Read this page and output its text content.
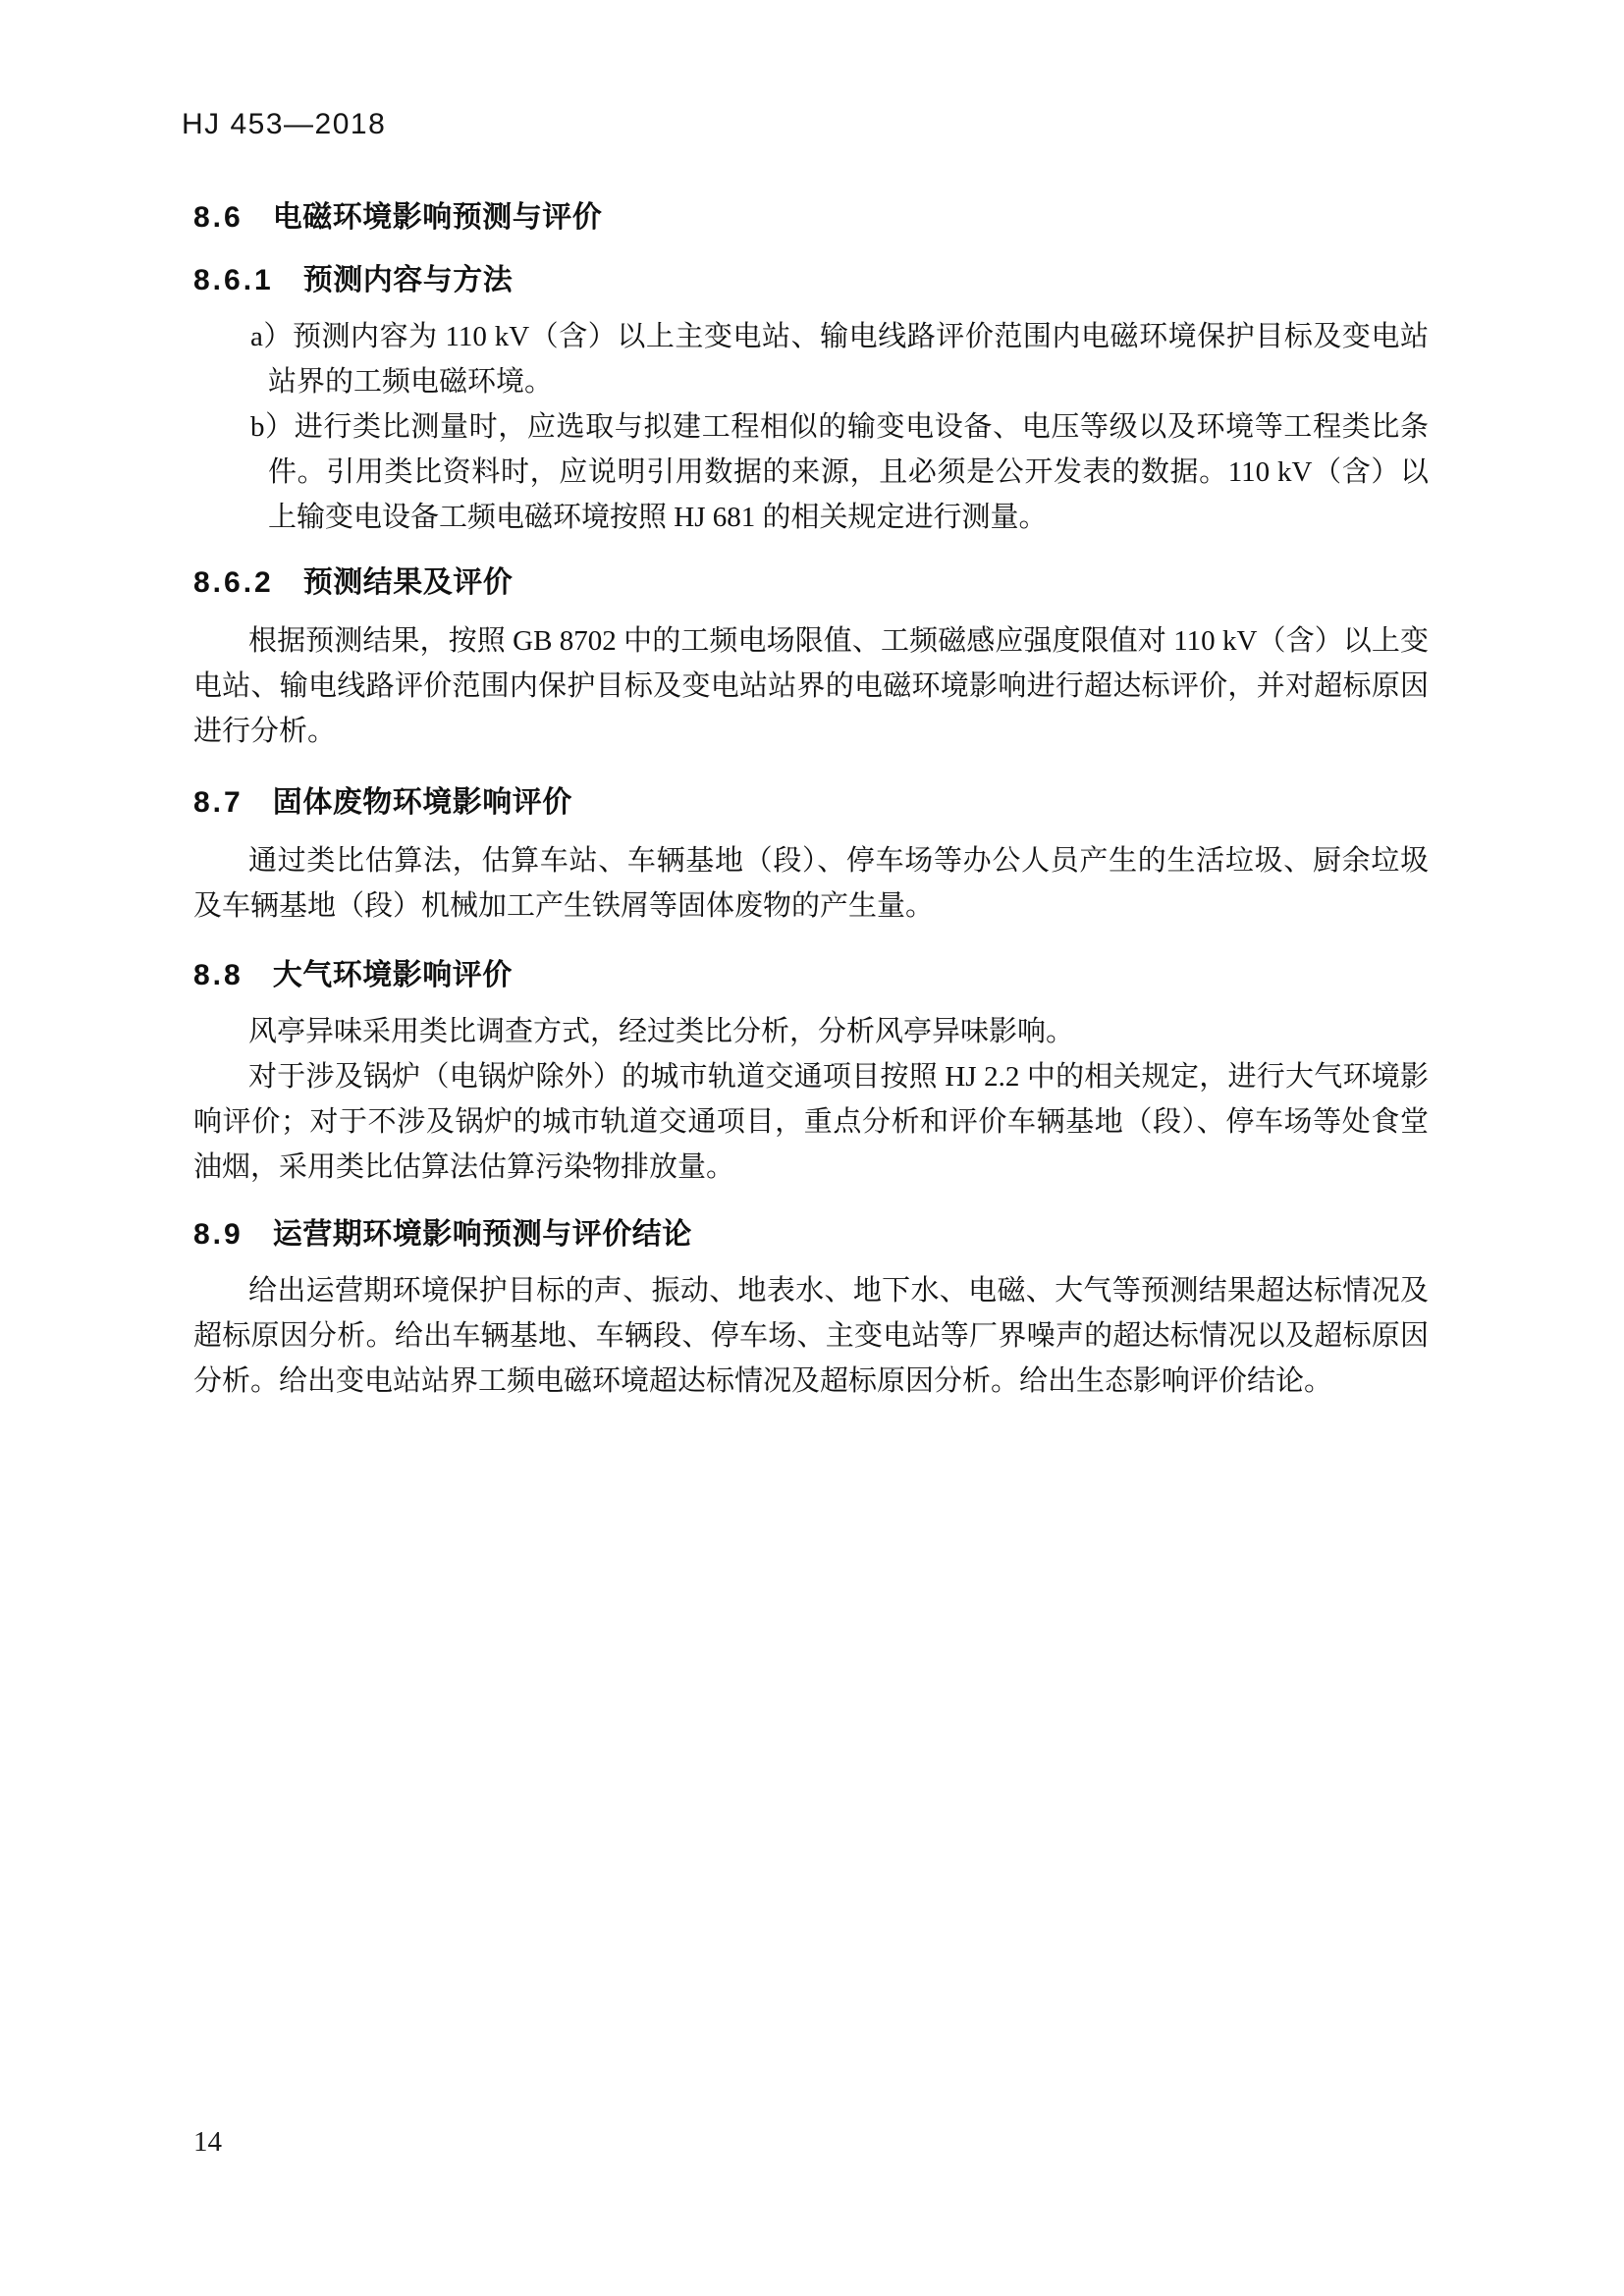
HJ 453—2018
8.6 电磁环境影响预测与评价
8.6.1 预测内容与方法
a）预测内容为 110 kV（含）以上主变电站、输电线路评价范围内电磁环境保护目标及变电站站界的工频电磁环境。
b）进行类比测量时，应选取与拟建工程相似的输变电设备、电压等级以及环境等工程类比条件。引用类比资料时，应说明引用数据的来源，且必须是公开发表的数据。110 kV（含）以上输变电设备工频电磁环境按照 HJ 681 的相关规定进行测量。
8.6.2 预测结果及评价

根据预测结果，按照 GB 8702 中的工频电场限值、工频磁感应强度限值对 110 kV（含）以上变电站、输电线路评价范围内保护目标及变电站站界的电磁环境影响进行超达标评价，并对超标原因进行分析。

8.7 固体废物环境影响评价

通过类比估算法，估算车站、车辆基地（段）、停车场等办公人员产生的生活垃圾、厨余垃圾及车辆基地（段）机械加工产生铁屑等固体废物的产生量。

8.8 大气环境影响评价

风亭异味采用类比调查方式，经过类比分析，分析风亭异味影响。

对于涉及锅炉（电锅炉除外）的城市轨道交通项目按照 HJ 2.2 中的相关规定，进行大气环境影响评价；对于不涉及锅炉的城市轨道交通项目，重点分析和评价车辆基地（段）、停车场等处食堂油烟，采用类比估算法估算污染物排放量。

8.9 运营期环境影响预测与评价结论

给出运营期环境保护目标的声、振动、地表水、地下水、电磁、大气等预测结果超达标情况及超标原因分析。给出车辆基地、车辆段、停车场、主变电站等厂界噪声的超达标情况以及超标原因分析。给出变电站站界工频电磁环境超达标情况及超标原因分析。给出生态影响评价结论。

14
